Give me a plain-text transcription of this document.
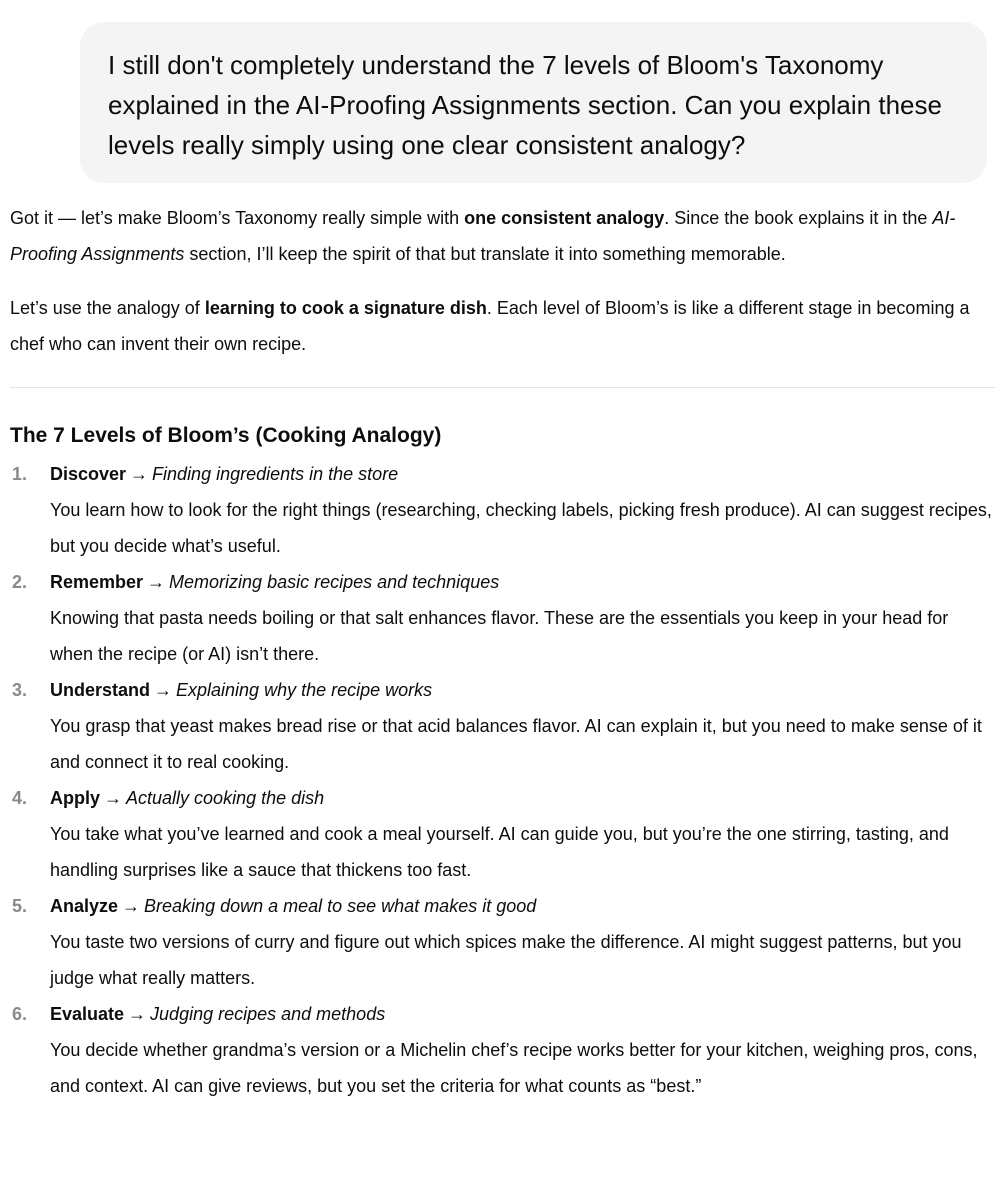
I still don't completely understand the 7 levels of Bloom's Taxonomy explained in the AI-Proofing Assignments section. Can you explain these levels really simply using one clear consistent analogy?

Got it — let’s make Bloom’s Taxonomy really simple with one consistent analogy. Since the book explains it in the AI-Proofing Assignments section, I’ll keep the spirit of that but translate it into something memorable.

Let’s use the analogy of learning to cook a signature dish. Each level of Bloom’s is like a different stage in becoming a chef who can invent their own recipe.

The 7 Levels of Bloom’s (Cooking Analogy)
1. Discover → Finding ingredients in the store
You learn how to look for the right things (researching, checking labels, picking fresh produce). AI can suggest recipes, but you decide what’s useful.
2. Remember → Memorizing basic recipes and techniques
Knowing that pasta needs boiling or that salt enhances flavor. These are the essentials you keep in your head for when the recipe (or AI) isn’t there.
3. Understand → Explaining why the recipe works
You grasp that yeast makes bread rise or that acid balances flavor. AI can explain it, but you need to make sense of it and connect it to real cooking.
4. Apply → Actually cooking the dish
You take what you’ve learned and cook a meal yourself. AI can guide you, but you’re the one stirring, tasting, and handling surprises like a sauce that thickens too fast.
5. Analyze → Breaking down a meal to see what makes it good
You taste two versions of curry and figure out which spices make the difference. AI might suggest patterns, but you judge what really matters.
6. Evaluate → Judging recipes and methods
You decide whether grandma’s version or a Michelin chef’s recipe works better for your kitchen, weighing pros, cons, and context. AI can give reviews, but you set the criteria for what counts as “best.”
